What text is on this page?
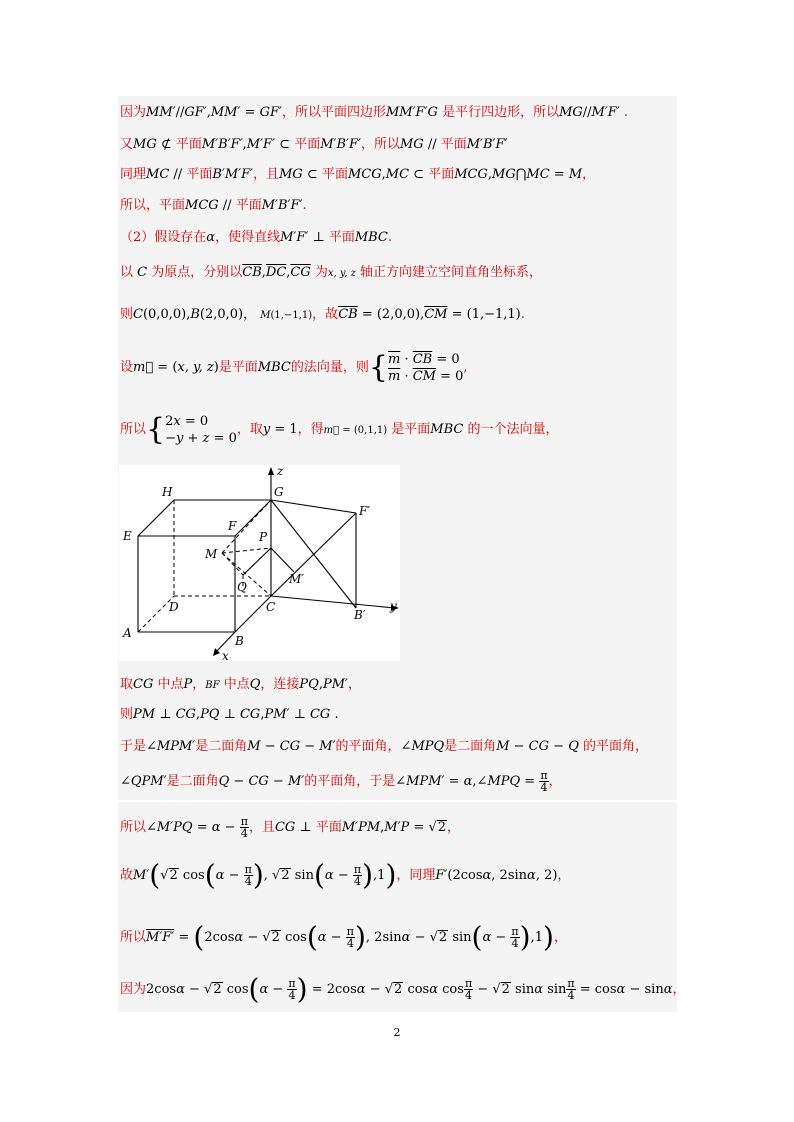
因为MM′//GF′,MM′ = GF′，所以平面四边形MM′F′G 是平行四边形，所以MG//M′F′ .
又MG ⊄ 平面M′B′F′,M′F′ ⊂ 平面M′B′F′，所以MG // 平面M′B′F′
同理MC // 平面B′M′F′，且MG ⊂ 平面MCG,MC ⊂ 平面MCG,MG⋂MC = M，
所以，平面MCG // 平面M′B′F′.
（2）假设存在α，使得直线M′F′ ⊥ 平面MBC.
以 C 为原点，分别以$\overline{CB},\overline{DC},\overline{CG}$ 为x, y, z 轴正方向建立空间直角坐标系，
则C(0,0,0),B(2,0,0)， M(1,−1,1)，故$\overline{CB} = (2,0,0),\overline{CM} = (1,-1,1)$.
设m⃗ = (x, y, z)是平面MBC的法向量，则{$\overline{m} \cdot \overline{CB} = 0$
$\overline{m} \cdot \overline{CM} = 0$,
所以{2x = 0
−y + z = 0，取y = 1，得m⃗ = (0,1,1) 是平面MBC 的一个法向量，
H	G
z
E
F
F′
M
P
Q
M′
D	C
B′
y
A
B
x
取CG 中点P，BF 中点Q，连接PQ,PM′，
则PM ⊥ CG,PQ ⊥ CG,PM′ ⊥ CG .
于是∠MPM′是二面角M − CG − M′的平面角，∠MPQ是二面角M − CG − Q 的平面角，
∠QPM′是二面角Q − CG − M′的平面角，于是∠MPM′ = α,∠MPQ = $\frac{\pi}{4}$ ，
所以∠M′PQ = $\alpha - \frac{\pi}{4}$ ，且CG ⊥ 平面M′PM,M′P = √2，
故M′(√2 $\cos(\alpha - \frac{\pi}{4}$ ), √2 $\sin(\alpha - \frac{\pi}{4} ),1$)，同理F′(2cosα, 2sinα, 2)，
所以M′F′ = (2cosα − √2 $\cos(\alpha - \frac{\pi}{4}$ ), 2sinα − √2 $\sin(\alpha - \frac{\pi}{4} ),1$)，
因为2cosα − √2 $\cos(\alpha - \frac{\pi}{4}$ ) = 2cosα − √2 cosα $\cos \frac{\pi}{4} - √2$ sinα $\sin \frac{\pi}{4} = \cos\alpha - \sin\alpha$，
2
